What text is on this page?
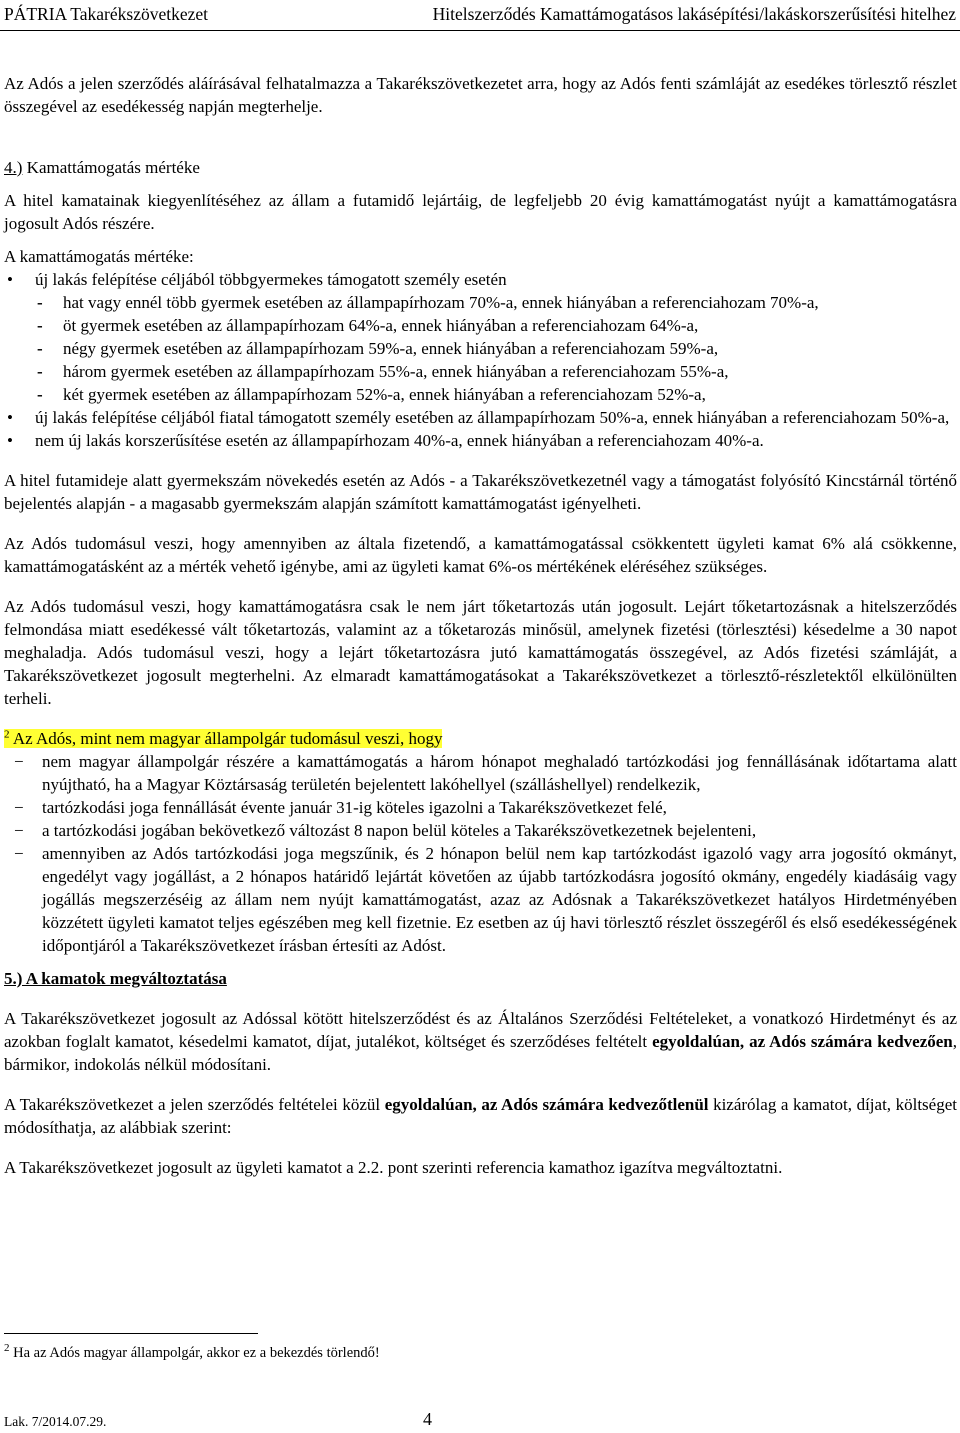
PÁTRIA Takarékszövetkezet	Hitelszerződés Kamattámogatásos lakásépítési/lakáskorszerűsítési hitelhez

Az Adós a jelen szerződés aláírásával felhatalmazza a Takarékszövetkezetet arra, hogy az Adós fenti számláját az esedékes törlesztő részlet összegével az esedékesség napján megterhelje.

4.) Kamattámogatás mértéke

A hitel kamatainak kiegyenlítéséhez az állam a futamidő lejártáig, de legfeljebb 20 évig kamattámogatást nyújt a kamattámogatásra jogosult Adós részére.

A kamattámogatás mértéke:

• új lakás felépítése céljából többgyermekes támogatott személy esetén
- hat vagy ennél több gyermek esetében az állampapírhozam 70%-a, ennek hiányában a referenciahozam 70%-a,
- öt gyermek esetében az állampapírhozam 64%-a, ennek hiányában a referenciahozam 64%-a,
- négy gyermek esetében az állampapírhozam 59%-a, ennek hiányában a referenciahozam 59%-a,
- három gyermek esetében az állampapírhozam 55%-a, ennek hiányában a referenciahozam 55%-a,
- két gyermek esetében az állampapírhozam 52%-a, ennek hiányában a referenciahozam 52%-a,
• új lakás felépítése céljából fiatal támogatott személy esetében az állampapírhozam 50%-a, ennek hiányában a referenciahozam 50%-a,
• nem új lakás korszerűsítése esetén az állampapírhozam 40%-a, ennek hiányában a referenciahozam 40%-a.

A hitel futamideje alatt gyermekszám növekedés esetén az Adós - a Takarékszövetkezetnél vagy a támogatást folyósító Kincstárnál történő bejelentés alapján - a magasabb gyermekszám alapján számított kamattámogatást igényelheti.

Az Adós tudomásul veszi, hogy amennyiben az általa fizetendő, a kamattámogatással csökkentett ügyleti kamat 6% alá csökkenne, kamattámogatásként az a mérték vehető igénybe, ami az ügyleti kamat 6%-os mértékének eléréséhez szükséges.

Az Adós tudomásul veszi, hogy kamattámogatásra csak le nem járt tőketartozás után jogosult. Lejárt tőketartozásnak a hitelszerződés felmondása miatt esedékessé vált tőketartozás, valamint az a tőketarozás minősül, amelynek fizetési (törlesztési) késedelme a 30 napot meghaladja. Adós tudomásul veszi, hogy a lejárt tőketartozásra jutó kamattámogatás összegével, az Adós fizetési számláját, a Takarékszövetkezet jogosult megterhelni. Az elmaradt kamattámogatásokat a Takarékszövetkezet a törlesztő-részletektől elkülönülten terheli.

$^2$ Az Adós, mint nem magyar állampolgár tudomásul veszi, hogy

− nem magyar állampolgár részére a kamattámogatás a három hónapot meghaladó tartózkodási jog fennállásának időtartama alatt nyújtható, ha a Magyar Köztársaság területén bejelentett lakóhellyel (szálláshellyel) rendelkezik,
− tartózkodási joga fennállását évente január 31-ig köteles igazolni a Takarékszövetkezet felé,
− a tartózkodási jogában bekövetkező változást 8 napon belül köteles a Takarékszövetkezetnek bejelenteni,
− amennyiben az Adós tartózkodási joga megszűnik, és 2 hónapon belül nem kap tartózkodást igazoló vagy arra jogosító okmányt, engedélyt vagy jogállást, a 2 hónapos határidő lejártát követően az újabb tartózkodásra jogosító okmány, engedély kiadásáig vagy jogállás megszerzéséig az állam nem nyújt kamattámogatást, azaz az Adósnak a Takarékszövetkezet hatályos Hirdetményében közzétett ügyleti kamatot teljes egészében meg kell fizetnie. Ez esetben az új havi törlesztő részlet összegéről és első esedékességének időpontjáról a Takarékszövetkezet írásban értesíti az Adóst.

5.) A kamatok megváltoztatása

A Takarékszövetkezet jogosult az Adóssal kötött hitelszerződést és az Általános Szerződési Feltételeket, a vonatkozó Hirdetményt és az azokban foglalt kamatot, késedelmi kamatot, díjat, jutalékot, költséget és szerződéses feltételt egyoldalúan, az Adós számára kedvezően, bármikor, indokolás nélkül módosítani.

A Takarékszövetkezet a jelen szerződés feltételei közül egyoldalúan, az Adós számára kedvezőtlenül kizárólag a kamatot, díjat, költséget módosíthatja, az alábbiak szerint:

A Takarékszövetkezet jogosult az ügyleti kamatot a 2.2. pont szerinti referencia kamathoz igazítva megváltoztatni.

$^2$ Ha az Adós magyar állampolgár, akkor ez a bekezdés törlendő!
Lak. 7/2014.07.29.	4
